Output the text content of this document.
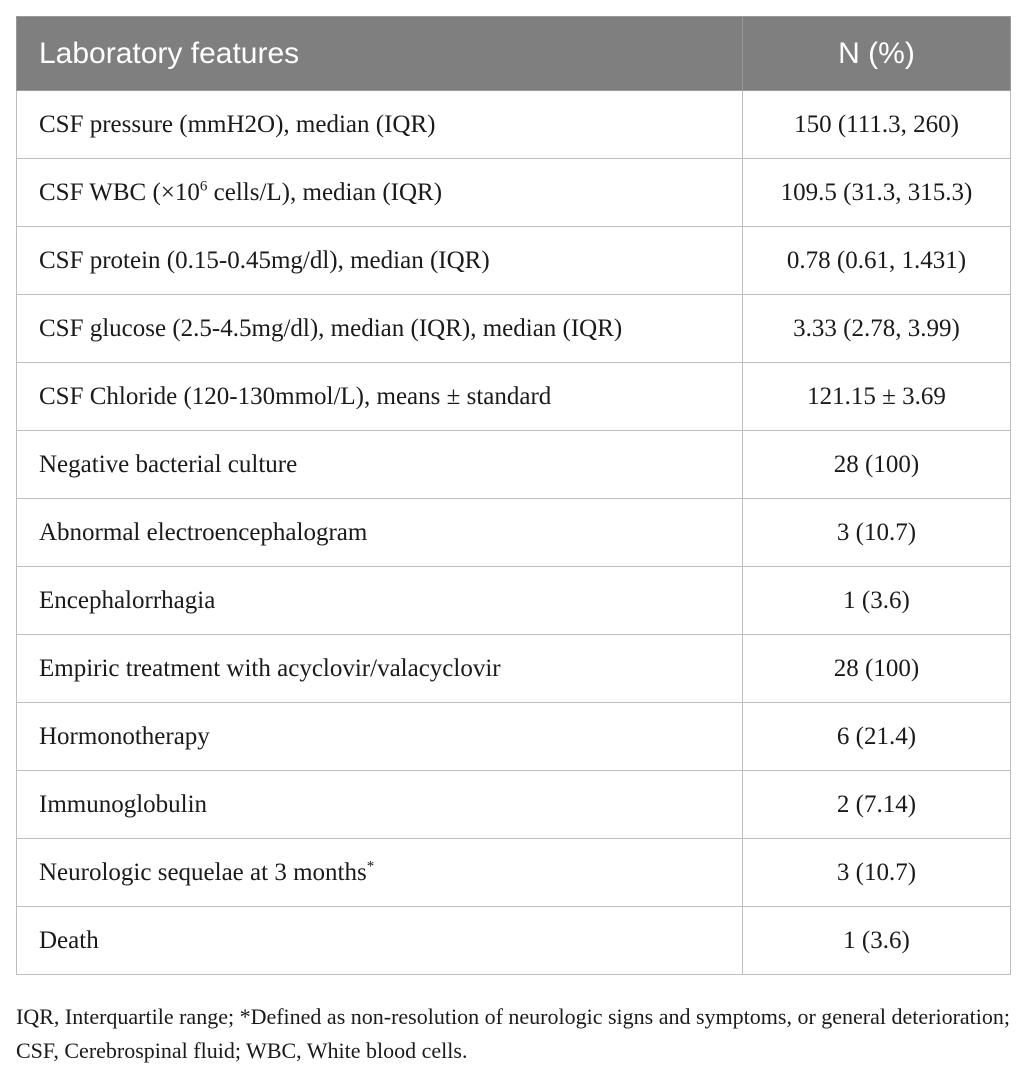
Laboratory features	N (%)
CSF pressure (mmH2O), median (IQR)	150 (111.3, 260)
CSF WBC ($\times 10^6$ cells/L), median (IQR)	109.5 (31.3, 315.3)
CSF protein (0.15-0.45mg/dl), median (IQR)	0.78 (0.61, 1.431)
CSF glucose (2.5-4.5mg/dl), median (IQR), median (IQR)	3.33 (2.78, 3.99)
CSF Chloride (120-130mmol/L), means ± standard	121.15 ± 3.69
Negative bacterial culture	28 (100)
Abnormal electroencephalogram	3 (10.7)
Encephalorrhagia	1 (3.6)
Empiric treatment with acyclovir/valacyclovir	28 (100)
Hormonotherapy	6 (21.4)
Immunoglobulin	2 (7.14)
Neurologic sequelae at 3 months*	3 (10.7)
Death	1 (3.6)
IQR, Interquartile range; *Defined as non-resolution of neurologic signs and symptoms, or general deterioration; CSF, Cerebrospinal fluid; WBC, White blood cells.
